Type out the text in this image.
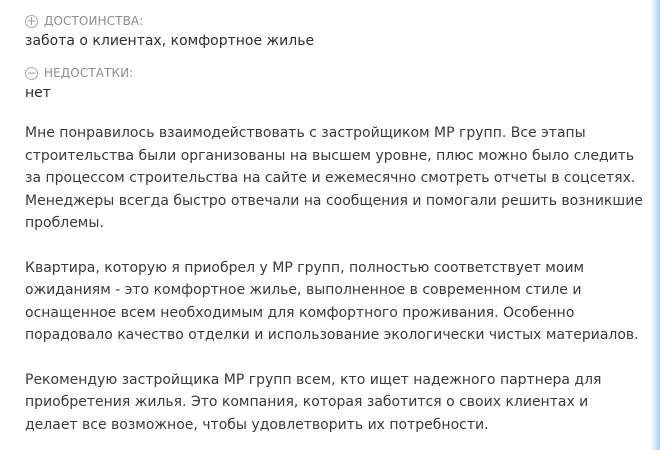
+ ДОСТОИНСТВА:
забота о клиентах, комфортное жилье
− НЕДОСТАТКИ:
нет

Мне понравилось взаимодействовать с застройщиком МР групп. Все этапы строительства были организованы на высшем уровне, плюс можно было следить за процессом строительства на сайте и ежемесячно смотреть отчеты в соцсетях. Менеджеры всегда быстро отвечали на сообщения и помогали решить возникшие проблемы.

Квартира, которую я приобрел у МР групп, полностью соответствует моим ожиданиям - это комфортное жилье, выполненное в современном стиле и оснащенное всем необходимым для комфортного проживания. Особенно порадовало качество отделки и использование экологически чистых материалов.

Рекомендую застройщика МР групп всем, кто ищет надежного партнера для приобретения жилья. Это компания, которая заботится о своих клиентах и делает все возможное, чтобы удовлетворить их потребности.
